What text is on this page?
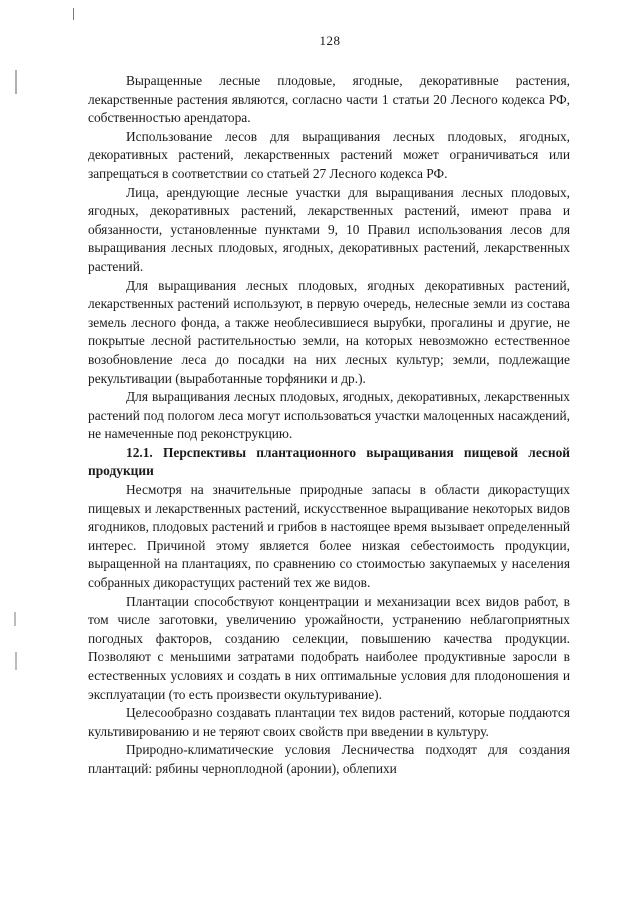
128

Выращенные лесные плодовые, ягодные, декоративные растения, лекарственные растения являются, согласно части 1 статьи 20 Лесного кодекса РФ, собственностью арендатора.

Использование лесов для выращивания лесных плодовых, ягодных, декоративных растений, лекарственных растений может ограничиваться или запрещаться в соответствии со статьей 27 Лесного кодекса РФ.

Лица, арендующие лесные участки для выращивания лесных плодовых, ягодных, декоративных растений, лекарственных растений, имеют права и обязанности, установленные пунктами 9, 10 Правил использования лесов для выращивания лесных плодовых, ягодных, декоративных растений, лекарственных растений.

Для выращивания лесных плодовых, ягодных декоративных растений, лекарственных растений используют, в первую очередь, нелесные земли из состава земель лесного фонда, а также необлесившиеся вырубки, прогалины и другие, не покрытые лесной растительностью земли, на которых невозможно естественное возобновление леса до посадки на них лесных культур; земли, подлежащие рекультивации (выработанные торфяники и др.).

Для выращивания лесных плодовых, ягодных, декоративных, лекарственных растений под пологом леса могут использоваться участки малоценных насаждений, не намеченные под реконструкцию.

12.1. Перспективы плантационного выращивания пищевой лесной продукции

Несмотря на значительные природные запасы в области дикорастущих пищевых и лекарственных растений, искусственное выращивание некоторых видов ягодников, плодовых растений и грибов в настоящее время вызывает определенный интерес. Причиной этому является более низкая себестоимость продукции, выращенной на плантациях, по сравнению со стоимостью закупаемых у населения собранных дикорастущих растений тех же видов.

Плантации способствуют концентрации и механизации всех видов работ, в том числе заготовки, увеличению урожайности, устранению неблагоприятных погодных факторов, созданию селекции, повышению качества продукции. Позволяют с меньшими затратами подобрать наиболее продуктивные заросли в естественных условиях и создать в них оптимальные условия для плодоношения и эксплуатации (то есть произвести окультуривание).

Целесообразно создавать плантации тех видов растений, которые поддаются культивированию и не теряют своих свойств при введении в культуру.

Природно-климатические условия Лесничества подходят для создания плантаций: рябины черноплодной (аронии), облепихи
